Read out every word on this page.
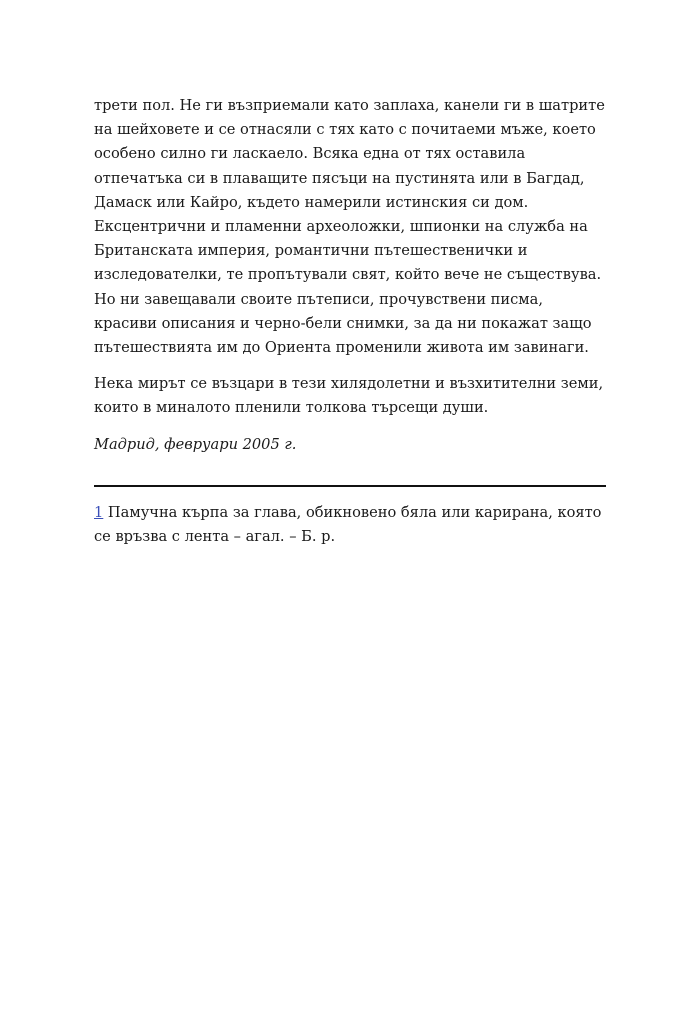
трети пол. Не ги възприемали като заплаха, канели ги в шатрите на шейховете и се отнасяли с тях като с почитаеми мъже, което особено силно ги ласкаело. Всяка една от тях оставила отпечатъка си в плаващите пясъци на пустинята или в Багдад, Дамаск или Кайро, където намерили истинския си дом. Ексцентрични и пламенни археоложки, шпионки на служба на Британската империя, романтични пътешественички и изследователки, те пропътували свят, който вече не съществува. Но ни завещавали своите пътеписи, прочувствени писма, красиви описания и черно-бели снимки, за да ни покажат защо пътешествията им до Ориента променили живота им завинаги.

Нека мирът се възцари в тези хилядолетни и възхитителни земи, които в миналото пленили толкова търсещи души.

Мадрид, февруари 2005 г.

1 Памучна кърпа за глава, обикновено бяла или карирана, която се връзва с лента – агал. – Б. р.
